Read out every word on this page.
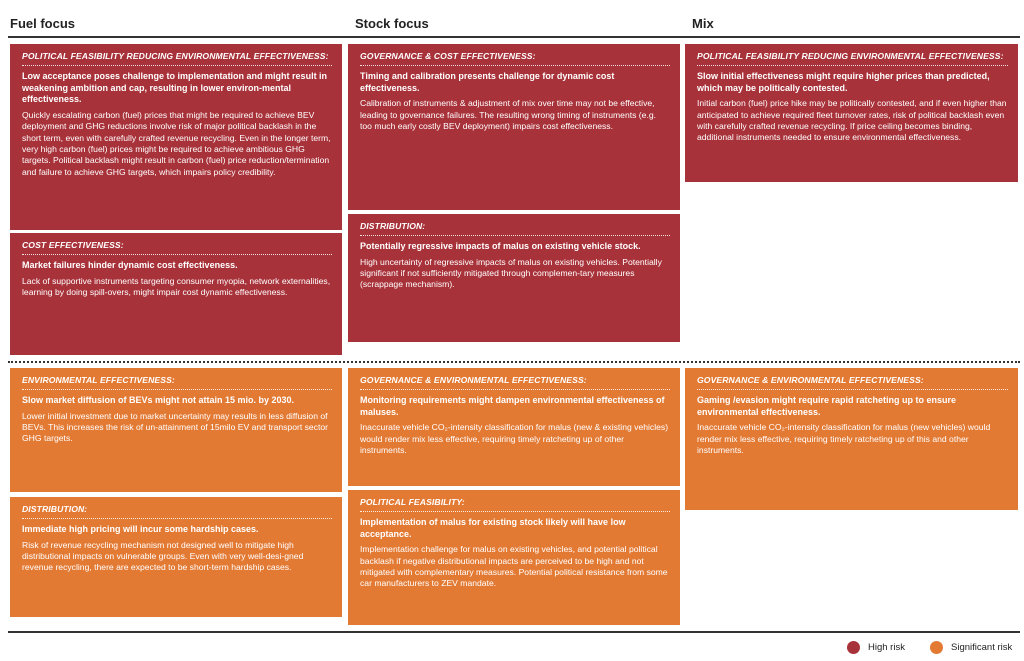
Fuel focus	Stock focus	Mix
POLITICAL FEASIBILITY REDUCING ENVIRONMENTAL EFFECTIVENESS:
Low acceptance poses challenge to implementation and might result in weakening ambition and cap, resulting in lower environ-mental effectiveness.
Quickly escalating carbon (fuel) prices that might be required to achieve BEV deployment and GHG reductions involve risk of major political backlash in the short term, even with carefully crafted revenue recycling. Even in the longer term, very high carbon (fuel) prices might be required to achieve ambitious GHG targets. Political backlash might result in carbon (fuel) price reduction/termination and failure to achieve GHG targets, which impairs policy credibility.
COST EFFECTIVENESS:
Market failures hinder dynamic cost effectiveness.
Lack of supportive instruments targeting consumer myopia, network externalities, learning by doing spill-overs, might impair cost dynamic effectiveness.
GOVERNANCE & COST EFFECTIVENESS:
Timing and calibration presents challenge for dynamic cost effectiveness.
Calibration of instruments & adjustment of mix over time may not be effective, leading to governance failures. The resulting wrong timing of instruments (e.g. too much early costly BEV deployment) impairs cost effectiveness.
DISTRIBUTION:
Potentially regressive impacts of malus on existing vehicle stock.
High uncertainty of regressive impacts of malus on existing vehicles. Potentially significant if not sufficiently mitigated through complemen-tary measures (scrappage mechanism).
POLITICAL FEASIBILITY REDUCING ENVIRONMENTAL EFFECTIVENESS:
Slow initial effectiveness might require higher prices than predicted, which may be politically contested.
Initial carbon (fuel) price hike may be politically contested, and if even higher than anticipated to achieve required fleet turnover rates, risk of political backlash even with carefully crafted revenue recycling. If price ceiling becomes binding, additional instruments needed to ensure environmental effectiveness.
ENVIRONMENTAL EFFECTIVENESS:
Slow market diffusion of BEVs might not attain 15 mio. by 2030.
Lower initial investment due to market uncertainty may results in less diffusion of BEVs. This increases the risk of un-attainment of 15milo EV and transport sector GHG targets.
DISTRIBUTION:
Immediate high pricing will incur some hardship cases.
Risk of revenue recycling mechanism not designed well to mitigate high distributional impacts on vulnerable groups. Even with very well-desi-gned revenue recycling, there are expected to be short-term hardship cases.
GOVERNANCE & ENVIRONMENTAL EFFECTIVENESS:
Monitoring requirements might dampen environmental effectiveness of maluses.
Inaccurate vehicle CO₂-intensity classification for malus (new & existing vehicles) would render mix less effective, requiring timely ratcheting up of other instruments.
POLITICAL FEASIBILITY:
Implementation of malus for existing stock likely will have low acceptance.
Implementation challenge for malus on existing vehicles, and potential political backlash if negative distributional impacts are perceived to be high and not mitigated with complementary measures. Potential political resistance from some car manufacturers to ZEV mandate.
GOVERNANCE & ENVIRONMENTAL EFFECTIVENESS:
Gaming /evasion might require rapid ratcheting up to ensure environmental effectiveness.
Inaccurate vehicle CO₂-intensity classification for malus (new vehicles) would render mix less effective, requiring timely ratcheting up of this and other instruments.
High risk	Significant risk
